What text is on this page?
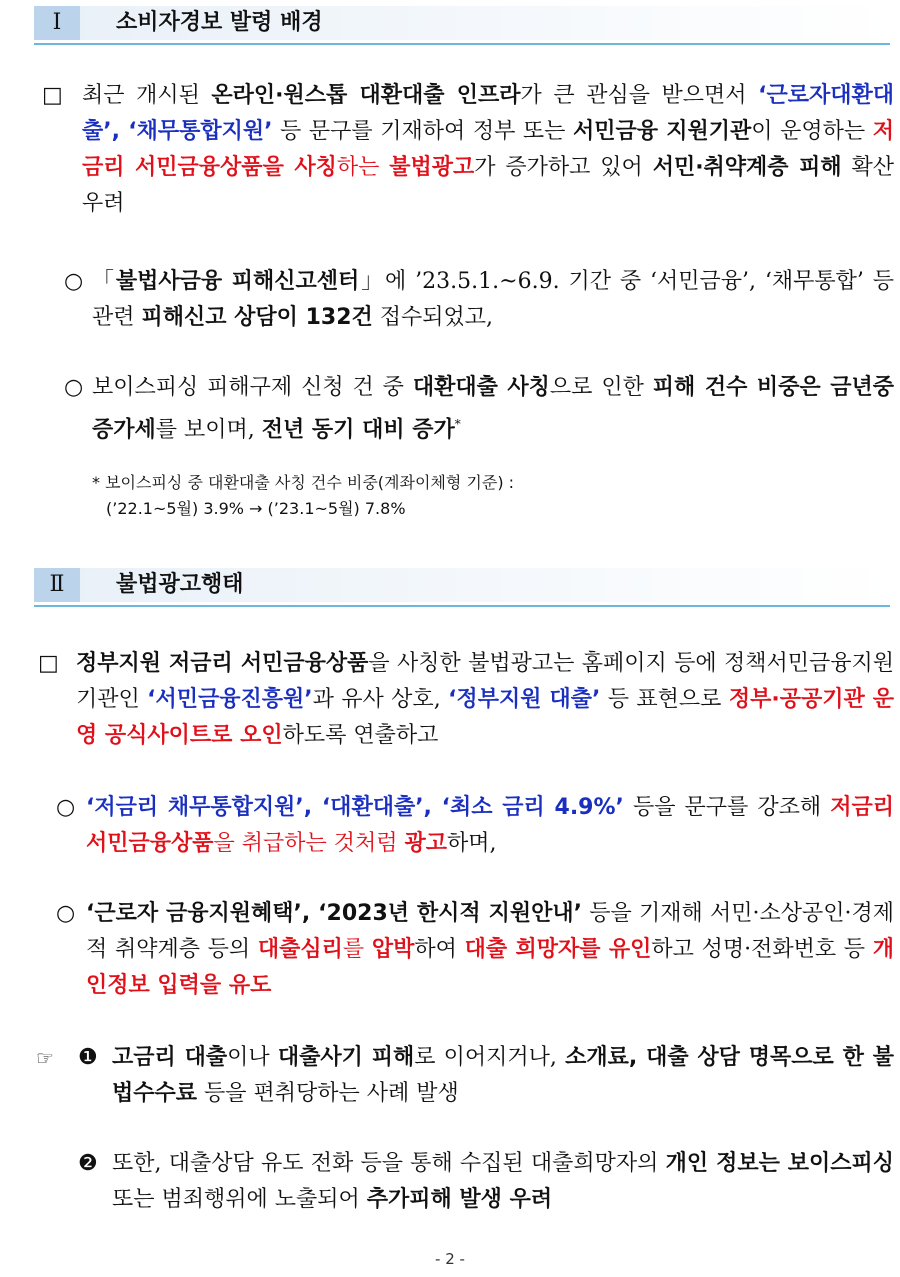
Ⅰ	소비자경보 발령 배경
□ 최근 개시된 온라인·원스톱 대환대출 인프라가 큰 관심을 받으면서 ‘근로자대환대출’, ‘채무통합지원’ 등 문구를 기재하여 정부 또는 서민금융 지원기관이 운영하는 저금리 서민금융상품을 사칭하는 불법광고가 증가하고 있어 서민·취약계층 피해 확산 우려
○ 「불법사금융 피해신고센터」에 ’23.5.1.~6.9. 기간 중 ‘서민금융’, ‘채무통합’ 등 관련 피해신고 상담이 132건 접수되었고,
○ 보이스피싱 피해구제 신청 건 중 대환대출 사칭으로 인한 피해 건수 비중은 금년중 증가세를 보이며, 전년 동기 대비 증가*
* 보이스피싱 중 대환대출 사칭 건수 비중(계좌이체형 기준) :
(’22.1~5월) 3.9% → (’23.1~5월) 7.8%
Ⅱ	불법광고행태
□ 정부지원 저금리 서민금융상품을 사칭한 불법광고는 홈페이지 등에 정책서민금융지원기관인 ‘서민금융진흥원’과 유사 상호, ‘정부지원 대출’ 등 표현으로 정부·공공기관 운영 공식사이트로 오인하도록 연출하고
○ ‘저금리 채무통합지원’, ‘대환대출’, ‘최소 금리 4.9%’ 등을 문구를 강조해 저금리 서민금융상품을 취급하는 것처럼 광고하며,
○ ‘근로자 금융지원혜택’, ‘2023년 한시적 지원안내’ 등을 기재해 서민·소상공인·경제적 취약계층 등의 대출심리를 압박하여 대출 희망자를 유인하고 성명·전화번호 등 개인정보 입력을 유도
☞ ❶ 고금리 대출이나 대출사기 피해로 이어지거나, 소개료, 대출 상담 명목으로 한 불법수수료 등을 편취당하는 사례 발생
❷ 또한, 대출상담 유도 전화 등을 통해 수집된 대출희망자의 개인 정보는 보이스피싱 또는 범죄행위에 노출되어 추가피해 발생 우려
- 2 -
